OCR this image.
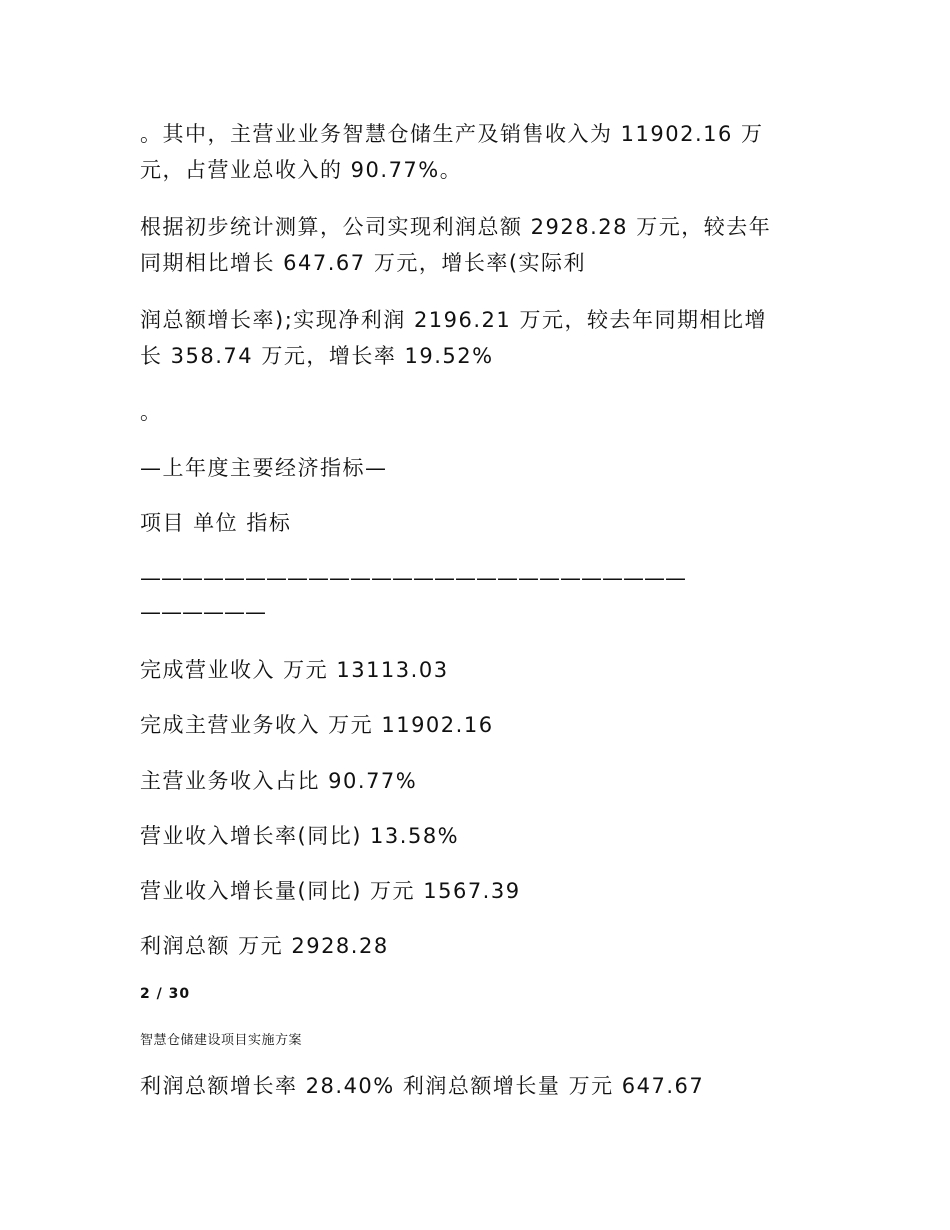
。其中，主营业业务智慧仓储生产及销售收入为 11902.16 万
元，占营业总收入的 90.77%。
根据初步统计测算，公司实现利润总额 2928.28 万元，较去年
同期相比增长 647.67 万元，增长率(实际利
润总额增长率);实现净利润 2196.21 万元，较去年同期相比增
长 358.74 万元，增长率 19.52%
。
—上年度主要经济指标—
项目 单位 指标
——————————————————————————
——————
完成营业收入 万元 13113.03
完成主营业务收入 万元 11902.16
主营业务收入占比 90.77%
营业收入增长率(同比) 13.58%
营业收入增长量(同比) 万元 1567.39
利润总额 万元 2928.28
2 / 30
智慧仓储建设项目实施方案
利润总额增长率 28.40% 利润总额增长量 万元 647.67
